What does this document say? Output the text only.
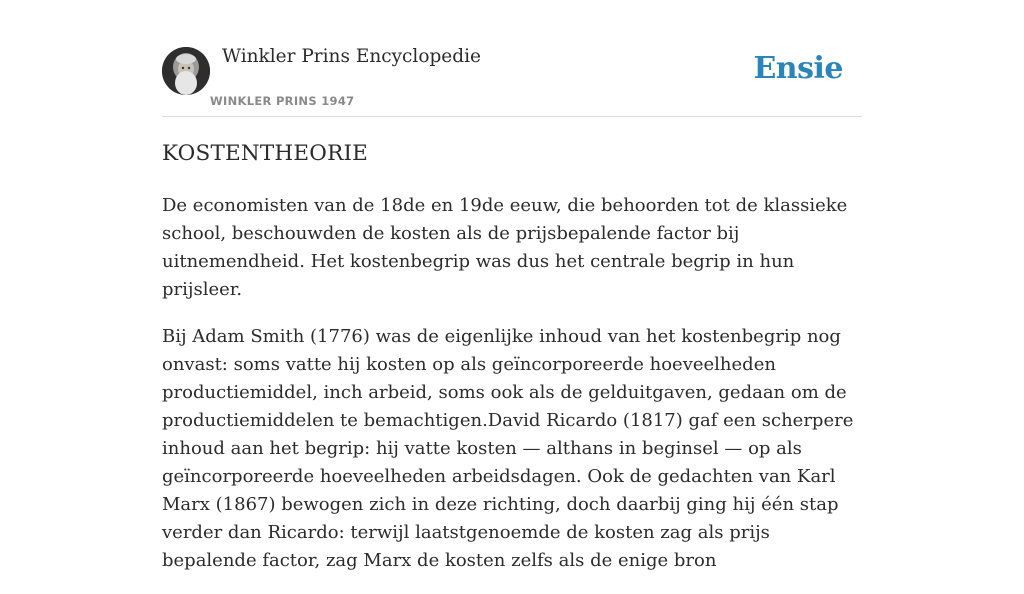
Winkler Prins Encyclopedie
WINKLER PRINS 1947
Ensie
KOSTENTHEORIE

De economisten van de 18de en 19de eeuw, die behoorden tot de klassieke school, beschouwden de kosten als de prijsbepalende factor bij uitnemendheid. Het kostenbegrip was dus het centrale begrip in hun prijsleer.

Bij Adam Smith (1776) was de eigenlijke inhoud van het kostenbegrip nog onvast: soms vatte hij kosten op als geïncorporeerde hoeveelheden productiemiddel, inch arbeid, soms ook als de gelduitgaven, gedaan om de productiemiddelen te bemachtigen.David Ricardo (1817) gaf een scherpere inhoud aan het begrip: hij vatte kosten — althans in beginsel — op als geïncorporeerde hoeveelheden arbeidsdagen. Ook de gedachten van Karl Marx (1867) bewogen zich in deze richting, doch daarbij ging hij één stap verder dan Ricardo: terwijl laatstgenoemde de kosten zag als prijs bepalende factor, zag Marx de kosten zelfs als de enige bron
